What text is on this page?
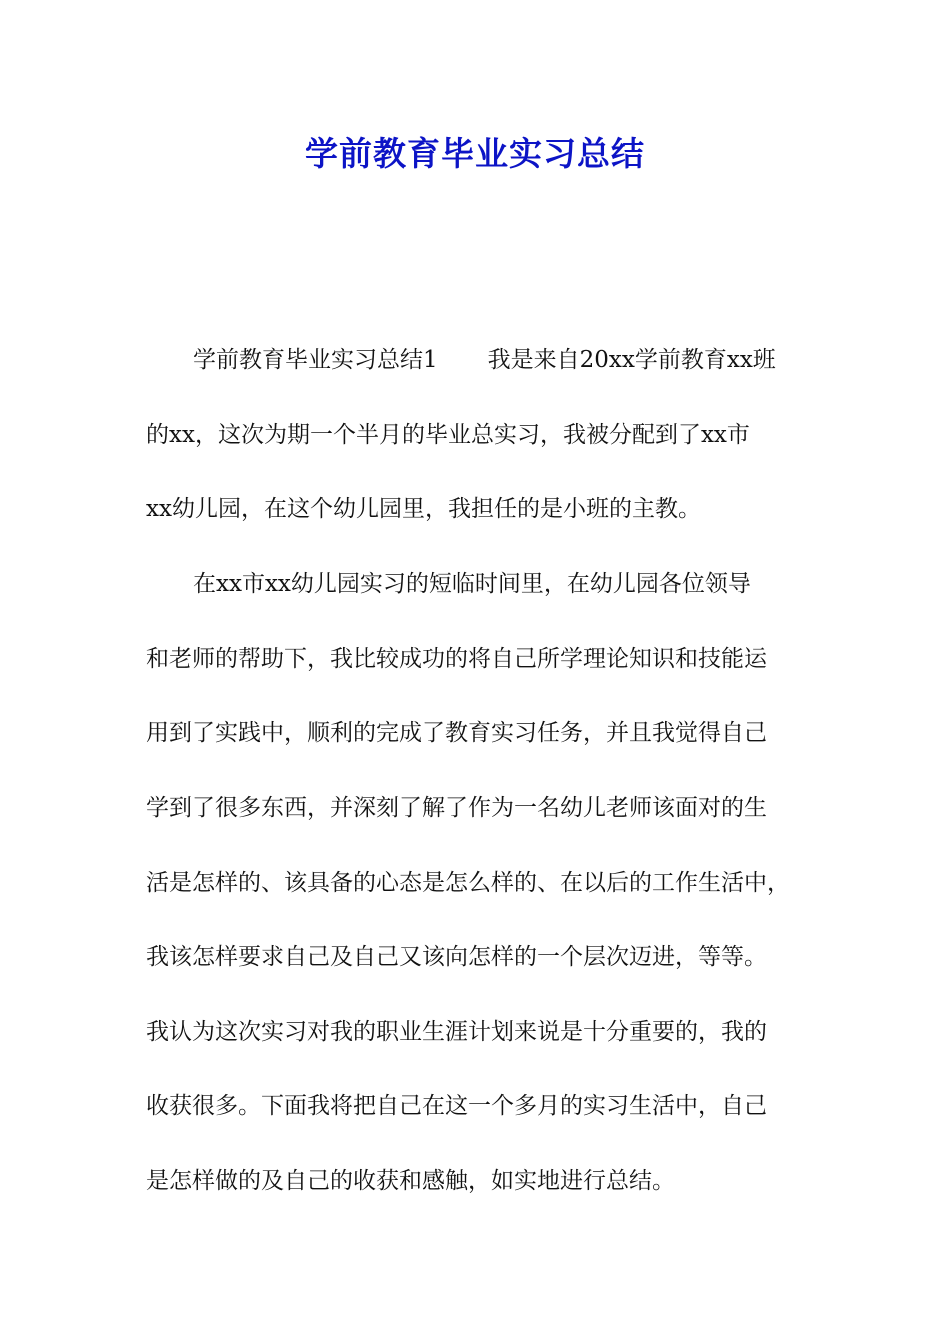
学前教育毕业实习总结
学前教育毕业实习总结1 我是来自20xx学前教育xx班
的xx，这次为期一个半月的毕业总实习，我被分配到了xx市
xx幼儿园，在这个幼儿园里，我担任的是小班的主教。
在xx市xx幼儿园实习的短临时间里，在幼儿园各位领导
和老师的帮助下，我比较成功的将自己所学理论知识和技能运
用到了实践中，顺利的完成了教育实习任务，并且我觉得自己
学到了很多东西，并深刻了解了作为一名幼儿老师该面对的生
活是怎样的、该具备的心态是怎么样的、在以后的工作生活中，
我该怎样要求自己及自己又该向怎样的一个层次迈进，等等。
我认为这次实习对我的职业生涯计划来说是十分重要的，我的
收获很多。下面我将把自己在这一个多月的实习生活中，自己
是怎样做的及自己的收获和感触，如实地进行总结。
